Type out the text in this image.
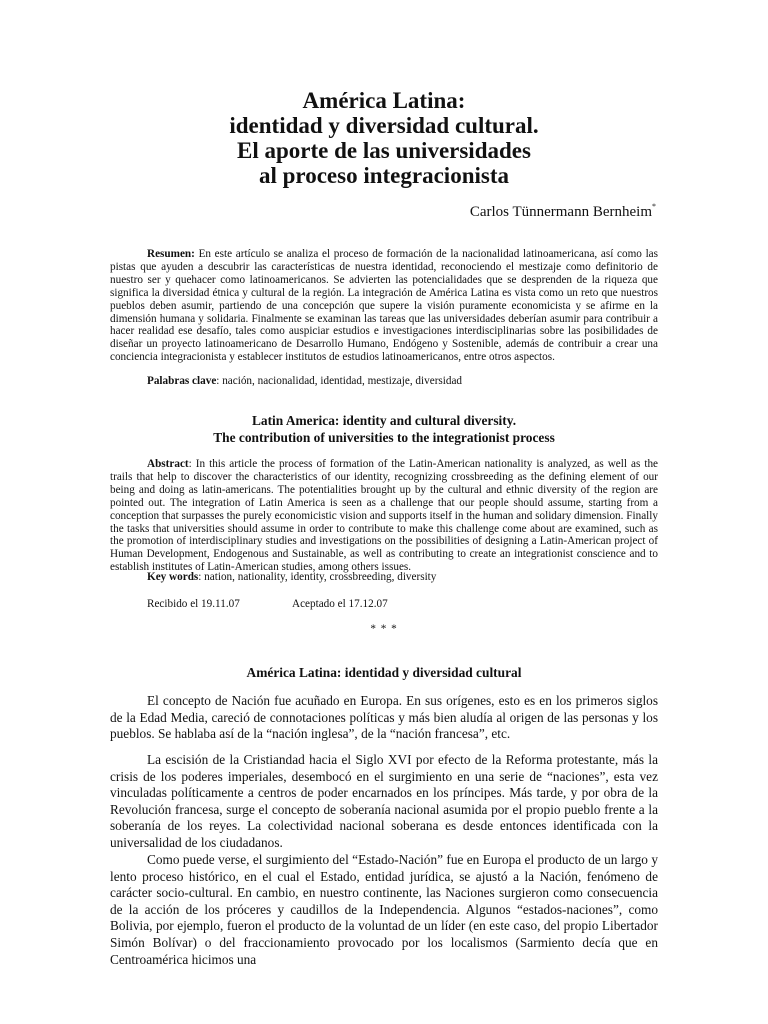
América Latina:

identidad y diversidad cultural.

El aporte de las universidades

al proceso integracionista

Carlos Tünnermann Bernheim*

Resumen: En este artículo se analiza el proceso de formación de la nacionalidad latinoamericana, así como las pistas que ayuden a descubrir las características de nuestra identidad, reconociendo el mestizaje como definitorio de nuestro ser y quehacer como latinoamericanos. Se advierten las potencialidades que se desprenden de la riqueza que significa la diversidad étnica y cultural de la región. La integración de América Latina es vista como un reto que nuestros pueblos deben asumir, partiendo de una concepción que supere la visión puramente economicista y se afirme en la dimensión humana y solidaria. Finalmente se examinan las tareas que las universidades deberían asumir para contribuir a hacer realidad ese desafío, tales como auspiciar estudios e investigaciones interdisciplinarias sobre las posibilidades de diseñar un proyecto latinoamericano de Desarrollo Humano, Endógeno y Sostenible, además de contribuir a crear una conciencia integracionista y establecer institutos de estudios latinoamericanos, entre otros aspectos.

Palabras clave: nación, nacionalidad, identidad, mestizaje, diversidad

Latin America: identity and cultural diversity.

The contribution of universities to the integrationist process

Abstract: In this article the process of formation of the Latin-American nationality is analyzed, as well as the trails that help to discover the characteristics of our identity, recognizing crossbreeding as the defining element of our being and doing as latin-americans. The potentialities brought up by the cultural and ethnic diversity of the region are pointed out. The integration of Latin America is seen as a challenge that our people should assume, starting from a conception that surpasses the purely economicistic vision and supports itself in the human and solidary dimension. Finally the tasks that universities should assume in order to contribute to make this challenge come about are examined, such as the promotion of interdisciplinary studies and investigations on the possibilities of designing a Latin-American project of Human Development, Endogenous and Sustainable, as well as contributing to create an integrationist conscience and to establish institutes of Latin-American studies, among others issues.

Key words: nation, nationality, identity, crossbreeding, diversity
Recibido el 19.11.07	Aceptado el 17.12.07
* * *
América Latina: identidad y diversidad cultural

El concepto de Nación fue acuñado en Europa. En sus orígenes, esto es en los primeros siglos de la Edad Media, careció de connotaciones políticas y más bien aludía al origen de las personas y los pueblos. Se hablaba así de la “nación inglesa”, de la “nación francesa”, etc.

La escisión de la Cristiandad hacia el Siglo XVI por efecto de la Reforma protestante, más la crisis de los poderes imperiales, desembocó en el surgimiento en una serie de “naciones”, esta vez vinculadas políticamente a centros de poder encarnados en los príncipes. Más tarde, y por obra de la Revolución francesa, surge el concepto de soberanía nacional asumida por el propio pueblo frente a la soberanía de los reyes. La colectividad nacional soberana es desde entonces identificada con la universalidad de los ciudadanos.

Como puede verse, el surgimiento del “Estado-Nación” fue en Europa el producto de un largo y lento proceso histórico, en el cual el Estado, entidad jurídica, se ajustó a la Nación, fenómeno de carácter socio-cultural. En cambio, en nuestro continente, las Naciones surgieron como consecuencia de la acción de los próceres y caudillos de la Independencia. Algunos “estados-naciones”, como Bolivia, por ejemplo, fueron el producto de la voluntad de un líder (en este caso, del propio Libertador Simón Bolívar) o del fraccionamiento provocado por los localismos (Sarmiento decía que en Centroamérica hicimos una
